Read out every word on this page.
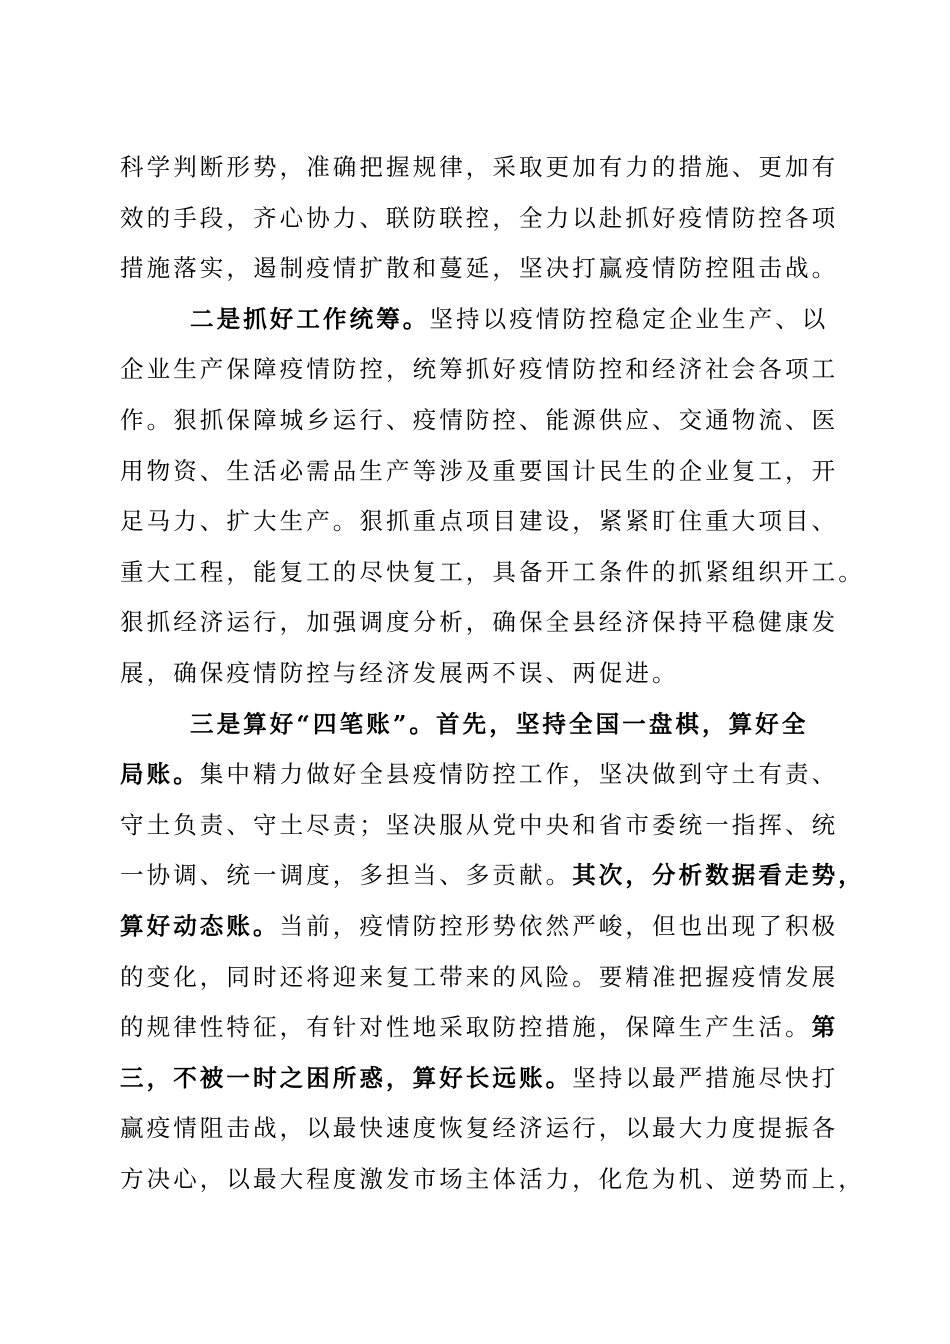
科学判断形势，准确把握规律，采取更加有力的措施、更加有
效的手段，齐心协力、联防联控，全力以赴抓好疫情防控各项
措施落实，遏制疫情扩散和蔓延，坚决打赢疫情防控阻击战。
二是抓好工作统筹。坚持以疫情防控稳定企业生产、以
企业生产保障疫情防控，统筹抓好疫情防控和经济社会各项工
作。狠抓保障城乡运行、疫情防控、能源供应、交通物流、医
用物资、生活必需品生产等涉及重要国计民生的企业复工，开
足马力、扩大生产。狠抓重点项目建设，紧紧盯住重大项目、
重大工程，能复工的尽快复工，具备开工条件的抓紧组织开工。
狠抓经济运行，加强调度分析，确保全县经济保持平稳健康发
展，确保疫情防控与经济发展两不误、两促进。
三是算好“四笔账”。首先，坚持全国一盘棋，算好全
局账。集中精力做好全县疫情防控工作，坚决做到守土有责、
守土负责、守土尽责；坚决服从党中央和省市委统一指挥、统
一协调、统一调度，多担当、多贡献。其次，分析数据看走势，
算好动态账。当前，疫情防控形势依然严峻，但也出现了积极
的变化，同时还将迎来复工带来的风险。要精准把握疫情发展
的规律性特征，有针对性地采取防控措施，保障生产生活。第
三，不被一时之困所惑，算好长远账。坚持以最严措施尽快打
赢疫情阻击战，以最快速度恢复经济运行，以最大力度提振各
方决心，以最大程度激发市场主体活力，化危为机、逆势而上，
